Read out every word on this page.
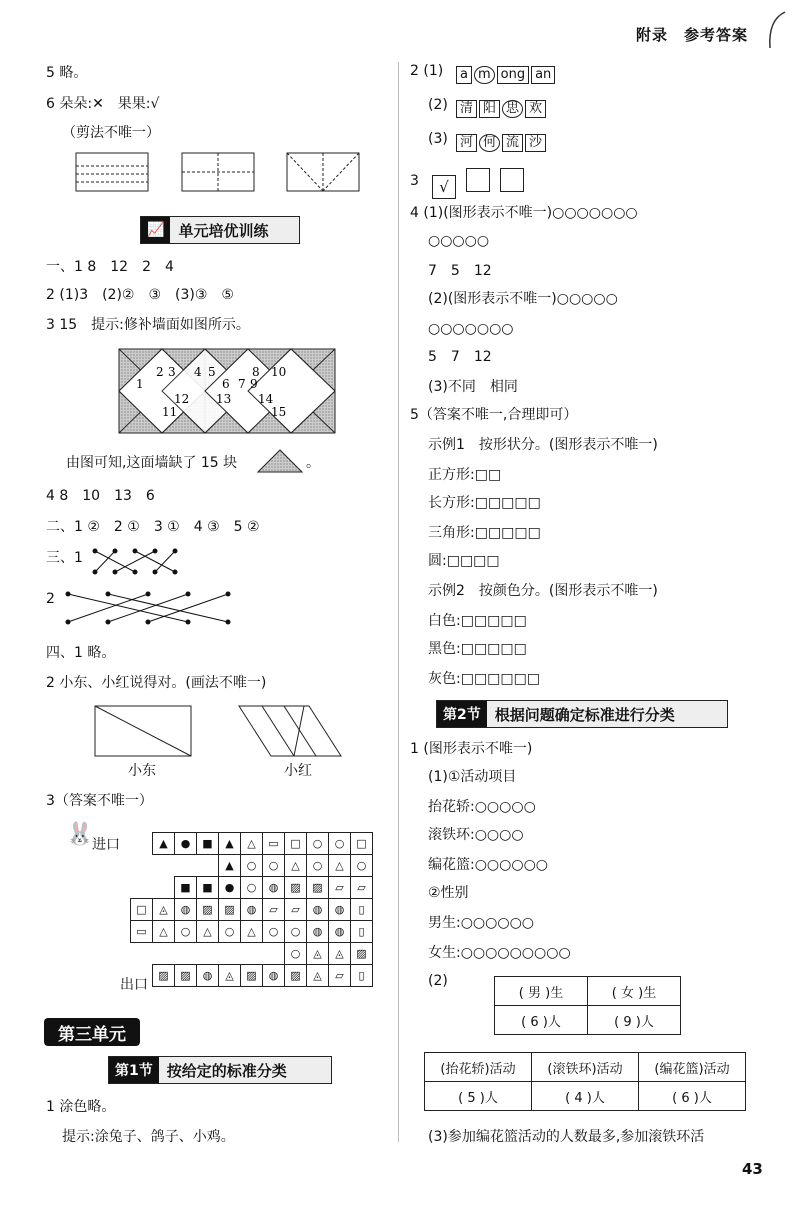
附录　参考答案
5 略。
6 朵朵:✕　果果:√
（剪法不唯一）
📈 单元培优训练
一、1 8　12　2　4
2 (1)3　(2)②　③　(3)③　⑤
3 15　提示:修补墙面如图所示。
1
2 3 4 5
6 7
8
9
10
11
12 13 14
15
由图可知,这面墙缺了 15 块	。
4 8　10　13　6
二、1 ②　2 ①　3 ①　4 ③　5 ②
三、1
2
四、1 略。
2 小东、小红说得对。(画法不唯一)
小东	小红
3（答案不唯一）
🐰
进口
出口
	▲	●	■	▲	△	▭	□	○	○	□
				▲	○	○	△	○	△	○
		■	■	●	○	◍	▨	▨	▱	▱
□	◬	◍	▨	▨	◍	▱	▱	◍	◍	▯
▭	△	○	△	○	△	○	○	◍	◍	▯
							○	◬	◬	▨
	▨	▨	◍	◬	▨	◍	▨	◬	▱	▯
第三单元
第1节 按给定的标准分类
1 涂色略。
提示:涂兔子、鸽子、小鸡。
2 (1)	a m ong an
(2) 清 阳 思 欢
(3) 河 何 流 沙
3	√
4 (1)(图形表示不唯一)○○○○○○○
○○○○○
7　5　12
(2)(图形表示不唯一)○○○○○
○○○○○○○
5　7　12
(3)不同　相同
5（答案不唯一,合理即可）
示例1　按形状分。(图形表示不唯一)
正方形:□□
长方形:□□□□□
三角形:□□□□□
圆:□□□□
示例2　按颜色分。(图形表示不唯一)
白色:□□□□□
黑色:□□□□□
灰色:□□□□□□
第2节 根据问题确定标准进行分类
1 (图形表示不唯一)
(1)①活动项目
抬花轿:○○○○○
滚铁环:○○○○
编花篮:○○○○○○
②性别
男生:○○○○○○
女生:○○○○○○○○○
(2)
( 男 )生	( 女 )生
( 6 )人	( 9 )人
(抬花轿)活动	(滚铁环)活动	(编花篮)活动
( 5 )人	( 4 )人	( 6 )人
(3)参加编花篮活动的人数最多,参加滚铁环活
43
